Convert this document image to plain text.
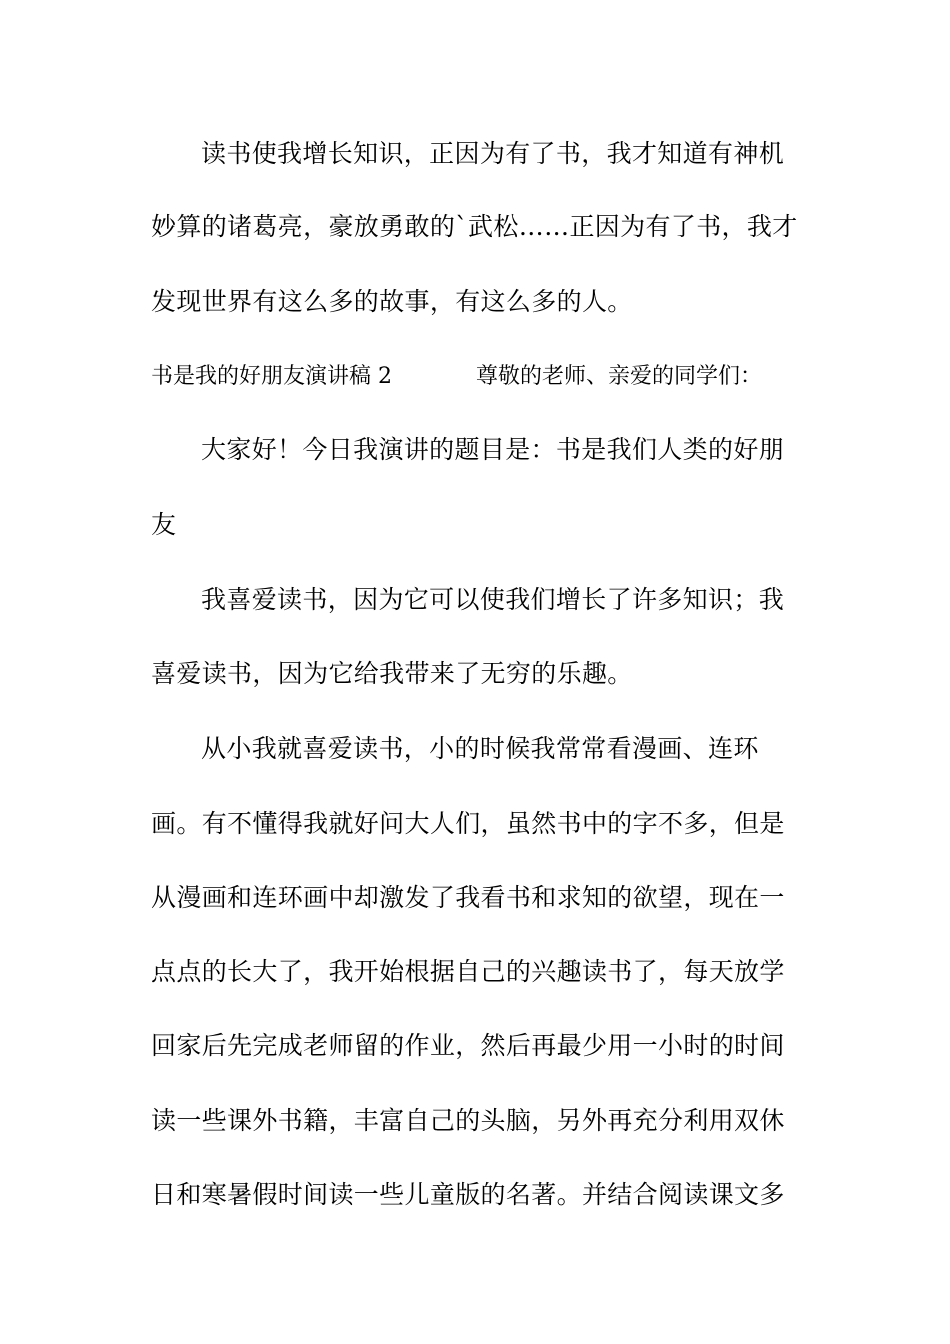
读书使我增长知识，正因为有了书，我才知道有神机
妙算的诸葛亮，豪放勇敢的`武松……正因为有了书，我才
发现世界有这么多的故事，有这么多的人。
书是我的好朋友演讲稿 2	尊敬的老师、亲爱的同学们：
大家好！今日我演讲的题目是：书是我们人类的好朋
友
我喜爱读书，因为它可以使我们增长了许多知识；我
喜爱读书，因为它给我带来了无穷的乐趣。
从小我就喜爱读书，小的时候我常常看漫画、连环
画。有不懂得我就好问大人们，虽然书中的字不多，但是
从漫画和连环画中却激发了我看书和求知的欲望，现在一
点点的长大了，我开始根据自己的兴趣读书了，每天放学
回家后先完成老师留的作业，然后再最少用一小时的时间
读一些课外书籍，丰富自己的头脑，另外再充分利用双休
日和寒暑假时间读一些儿童版的名著。并结合阅读课文多
